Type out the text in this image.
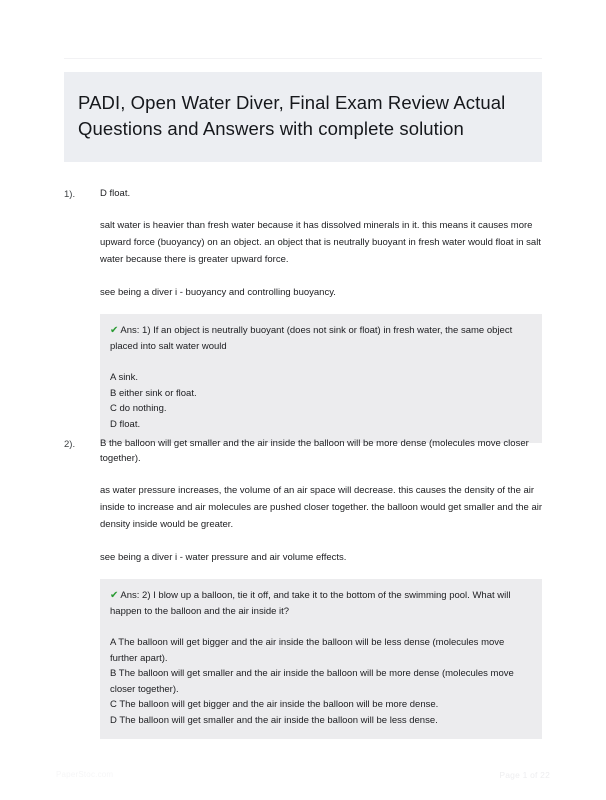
PADI, Open Water Diver, Final Exam Review Actual Questions and Answers with complete solution
1).	D float.

salt water is heavier than fresh water because it has dissolved minerals in it. this means it causes more upward force (buoyancy) on an object. an object that is neutrally buoyant in fresh water would float in salt water because there is greater upward force.

see being a diver i - buoyancy and controlling buoyancy.

✔ Ans: 1) If an object is neutrally buoyant (does not sink or float) in fresh water, the same object placed into salt water would

A sink.

B either sink or float.

C do nothing.

D float.

2).	B the balloon will get smaller and the air inside the balloon will be more dense (molecules move closer together).

as water pressure increases, the volume of an air space will decrease. this causes the density of the air inside to increase and air molecules are pushed closer together. the balloon would get smaller and the air density inside would be greater.

see being a diver i - water pressure and air volume effects.

✔ Ans: 2) I blow up a balloon, tie it off, and take it to the bottom of the swimming pool. What will happen to the balloon and the air inside it?

A The balloon will get bigger and the air inside the balloon will be less dense (molecules move further apart).

B The balloon will get smaller and the air inside the balloon will be more dense (molecules move closer together).

C The balloon will get bigger and the air inside the balloon will be more dense.

D The balloon will get smaller and the air inside the balloon will be less dense.

PaperStoc.com	Page 1 of 22
